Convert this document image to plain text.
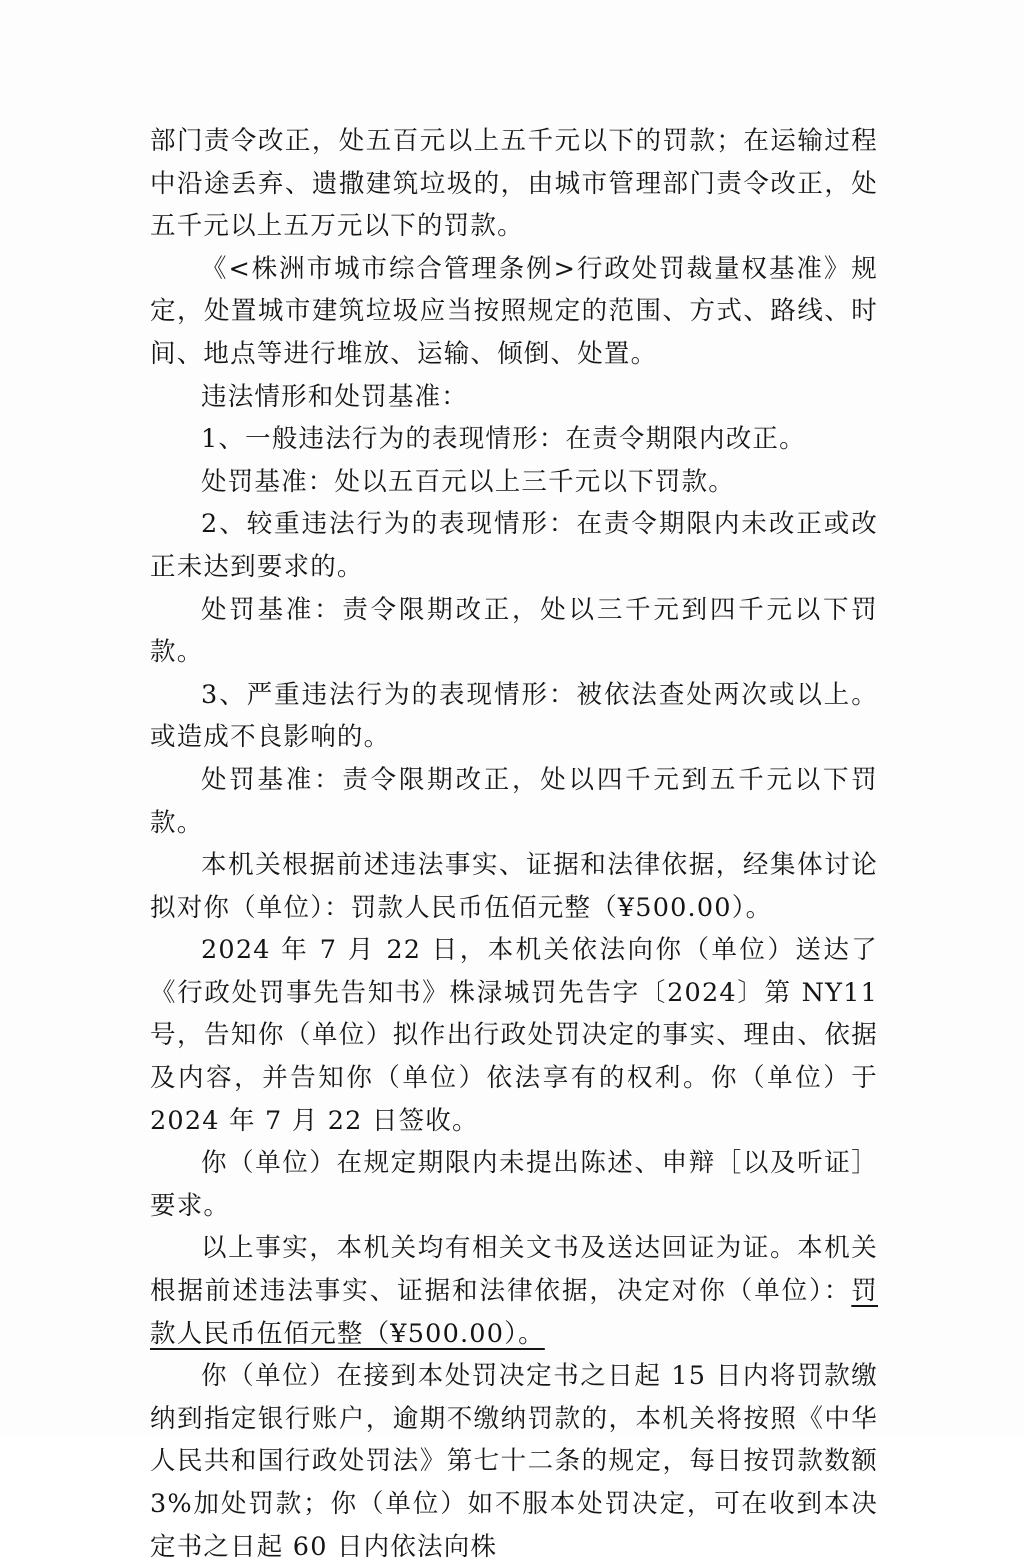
部门责令改正，处五百元以上五千元以下的罚款；在运输过程中沿途丢弃、遗撒建筑垃圾的，由城市管理部门责令改正，处五千元以上五万元以下的罚款。

《<株洲市城市综合管理条例>行政处罚裁量权基准》规定，处置城市建筑垃圾应当按照规定的范围、方式、路线、时间、地点等进行堆放、运输、倾倒、处置。

违法情形和处罚基准：

1、一般违法行为的表现情形：在责令期限内改正。

处罚基准：处以五百元以上三千元以下罚款。

2、较重违法行为的表现情形：在责令期限内未改正或改正未达到要求的。

处罚基准：责令限期改正，处以三千元到四千元以下罚款。

3、严重违法行为的表现情形：被依法查处两次或以上。或造成不良影响的。

处罚基准：责令限期改正，处以四千元到五千元以下罚款。

本机关根据前述违法事实、证据和法律依据，经集体讨论拟对你（单位）：罚款人民币伍佰元整（¥500.00）。

2024 年 7 月 22 日，本机关依法向你（单位）送达了《行政处罚事先告知书》株渌城罚先告字〔2024〕第 NY11 号，告知你（单位）拟作出行政处罚决定的事实、理由、依据及内容，并告知你（单位）依法享有的权利。你（单位）于 2024 年 7 月 22 日签收。

你（单位）在规定期限内未提出陈述、申辩［以及听证］要求。

以上事实，本机关均有相关文书及送达回证为证。本机关根据前述违法事实、证据和法律依据，决定对你（单位）：罚款人民币伍佰元整（¥500.00）。

你（单位）在接到本处罚决定书之日起 15 日内将罚款缴纳到指定银行账户，逾期不缴纳罚款的，本机关将按照《中华人民共和国行政处罚法》第七十二条的规定，每日按罚款数额 3%加处罚款；你（单位）如不服本处罚决定，可在收到本决定书之日起 60 日内依法向株
